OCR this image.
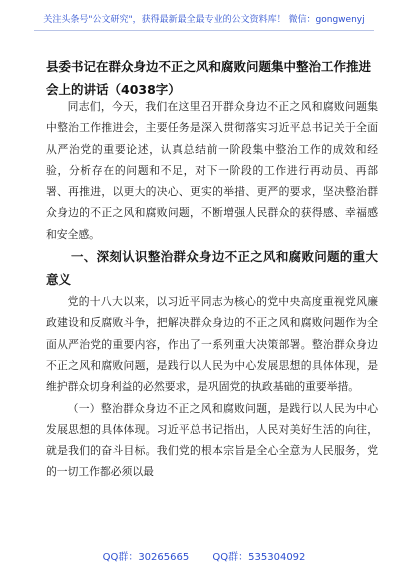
关注头条号"公文研究"，获得最新最全最专业的公文资料库！ 微信：gongwenyj
县委书记在群众身边不正之风和腐败问题集中整治工作推进会上的讲话（4038字）

同志们，今天，我们在这里召开群众身边不正之风和腐败问题集中整治工作推进会，主要任务是深入贯彻落实习近平总书记关于全面从严治党的重要论述，认真总结前一阶段集中整治工作的成效和经验，分析存在的问题和不足，对下一阶段的工作进行再动员、再部署、再推进，以更大的决心、更实的举措、更严的要求，坚决整治群众身边的不正之风和腐败问题，不断增强人民群众的获得感、幸福感和安全感。

一、深刻认识整治群众身边不正之风和腐败问题的重大意义

党的十八大以来，以习近平同志为核心的党中央高度重视党风廉政建设和反腐败斗争，把解决群众身边的不正之风和腐败问题作为全面从严治党的重要内容，作出了一系列重大决策部署。整治群众身边不正之风和腐败问题，是践行以人民为中心发展思想的具体体现，是维护群众切身利益的必然要求，是巩固党的执政基础的重要举措。

（一）整治群众身边不正之风和腐败问题，是践行以人民为中心发展思想的具体体现。习近平总书记指出，人民对美好生活的向往，就是我们的奋斗目标。我们党的根本宗旨是全心全意为人民服务，党的一切工作都必须以最

QQ群：30265665 QQ群：535304092
